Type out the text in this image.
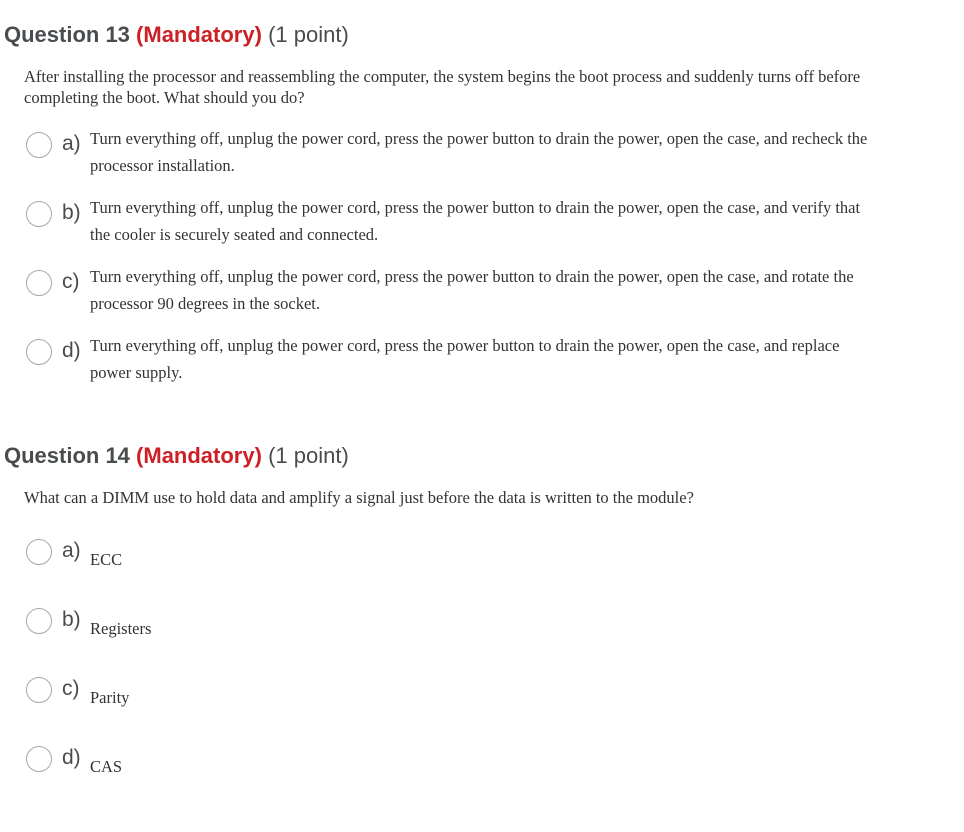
Question 13 (Mandatory) (1 point)
After installing the processor and reassembling the computer, the system begins the boot process and suddenly turns off before completing the boot. What should you do?
a) Turn everything off, unplug the power cord, press the power button to drain the power, open the case, and recheck the processor installation.
b) Turn everything off, unplug the power cord, press the power button to drain the power, open the case, and verify that the cooler is securely seated and connected.
c) Turn everything off, unplug the power cord, press the power button to drain the power, open the case, and rotate the processor 90 degrees in the socket.
d) Turn everything off, unplug the power cord, press the power button to drain the power, open the case, and replace power supply.
Question 14 (Mandatory) (1 point)
What can a DIMM use to hold data and amplify a signal just before the data is written to the module?
a) ECC
b) Registers
c) Parity
d) CAS
